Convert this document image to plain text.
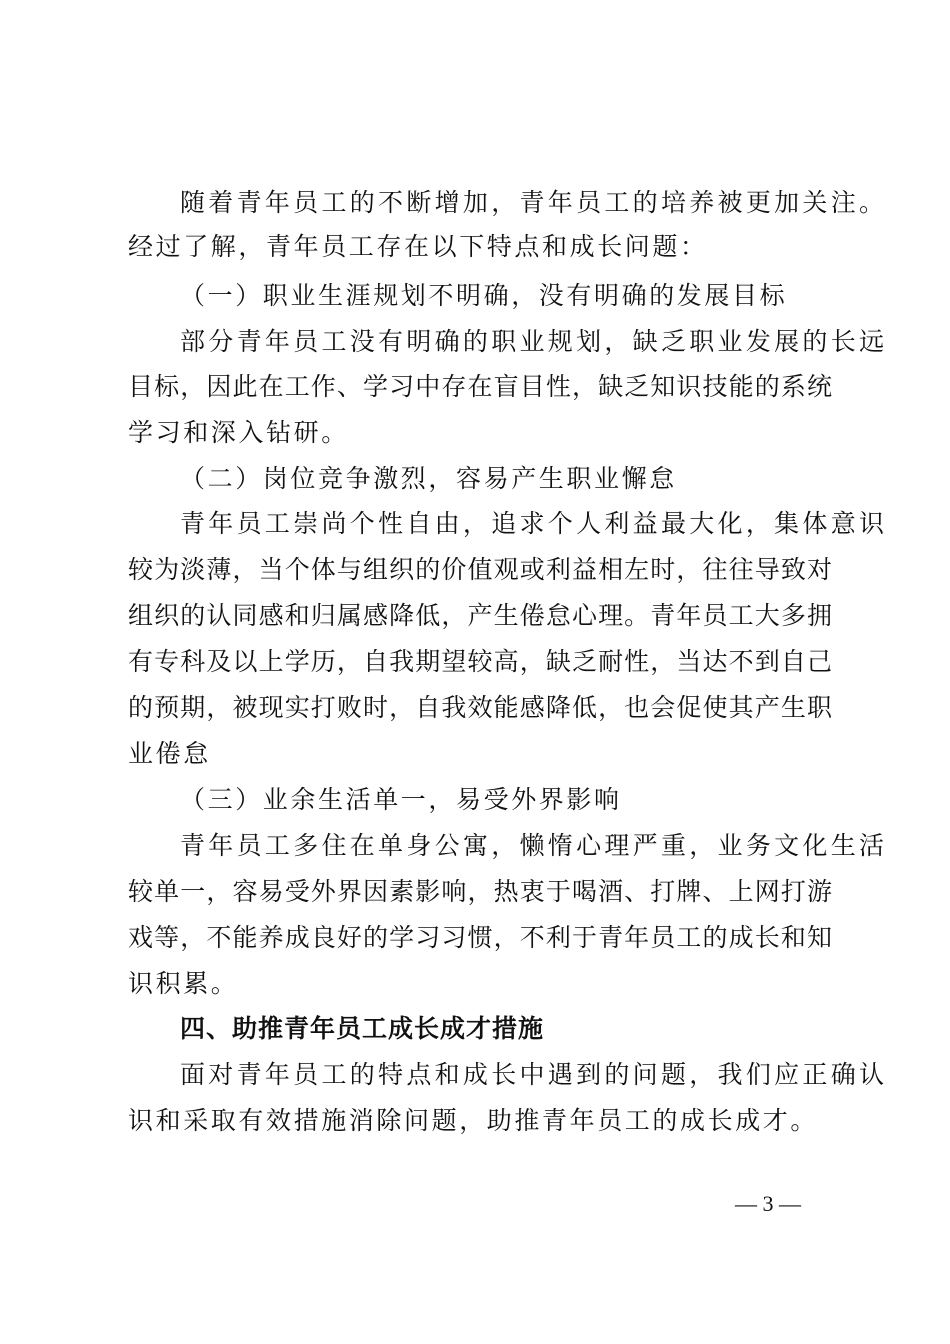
随着青年员工的不断增加，青年员工的培养被更加关注。
经过了解，青年员工存在以下特点和成长问题：
（一）职业生涯规划不明确，没有明确的发展目标
部分青年员工没有明确的职业规划，缺乏职业发展的长远
目标，因此在工作、学习中存在盲目性，缺乏知识技能的系统
学习和深入钻研。
（二）岗位竞争激烈，容易产生职业懈怠
青年员工崇尚个性自由，追求个人利益最大化，集体意识
较为淡薄，当个体与组织的价值观或利益相左时，往往导致对
组织的认同感和归属感降低，产生倦怠心理。青年员工大多拥
有专科及以上学历，自我期望较高，缺乏耐性，当达不到自己
的预期，被现实打败时，自我效能感降低，也会促使其产生职
业倦怠
（三）业余生活单一，易受外界影响
青年员工多住在单身公寓，懒惰心理严重，业务文化生活
较单一，容易受外界因素影响，热衷于喝酒、打牌、上网打游
戏等，不能养成良好的学习习惯，不利于青年员工的成长和知
识积累。
四、助推青年员工成长成才措施
面对青年员工的特点和成长中遇到的问题，我们应正确认
识和采取有效措施消除问题，助推青年员工的成长成才。
— 3 —
